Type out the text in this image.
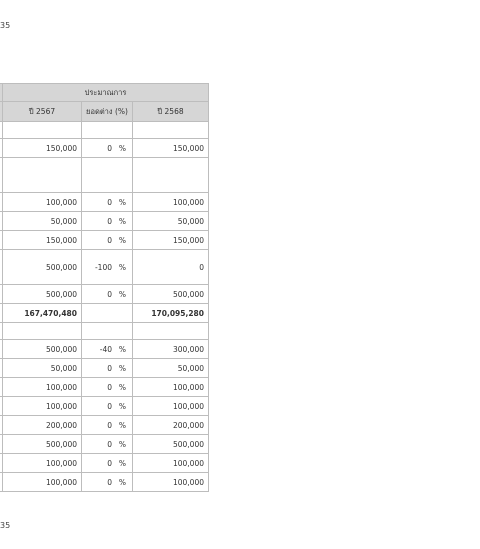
35
	ประมาณการ		
	ปี 2567	ยอดต่าง (%)	ปี 2568

	150,000	0 %	150,000

	100,000	0 %	100,000
	50,000	0 %	50,000
	150,000	0 %	150,000
	500,000	-100 %	0
	500,000	0 %	500,000
	167,470,480		170,095,280

	500,000	-40 %	300,000
	50,000	0 %	50,000
	100,000	0 %	100,000
	100,000	0 %	100,000
	200,000	0 %	200,000
	500,000	0 %	500,000
	100,000	0 %	100,000
	100,000	0 %	100,000
35
